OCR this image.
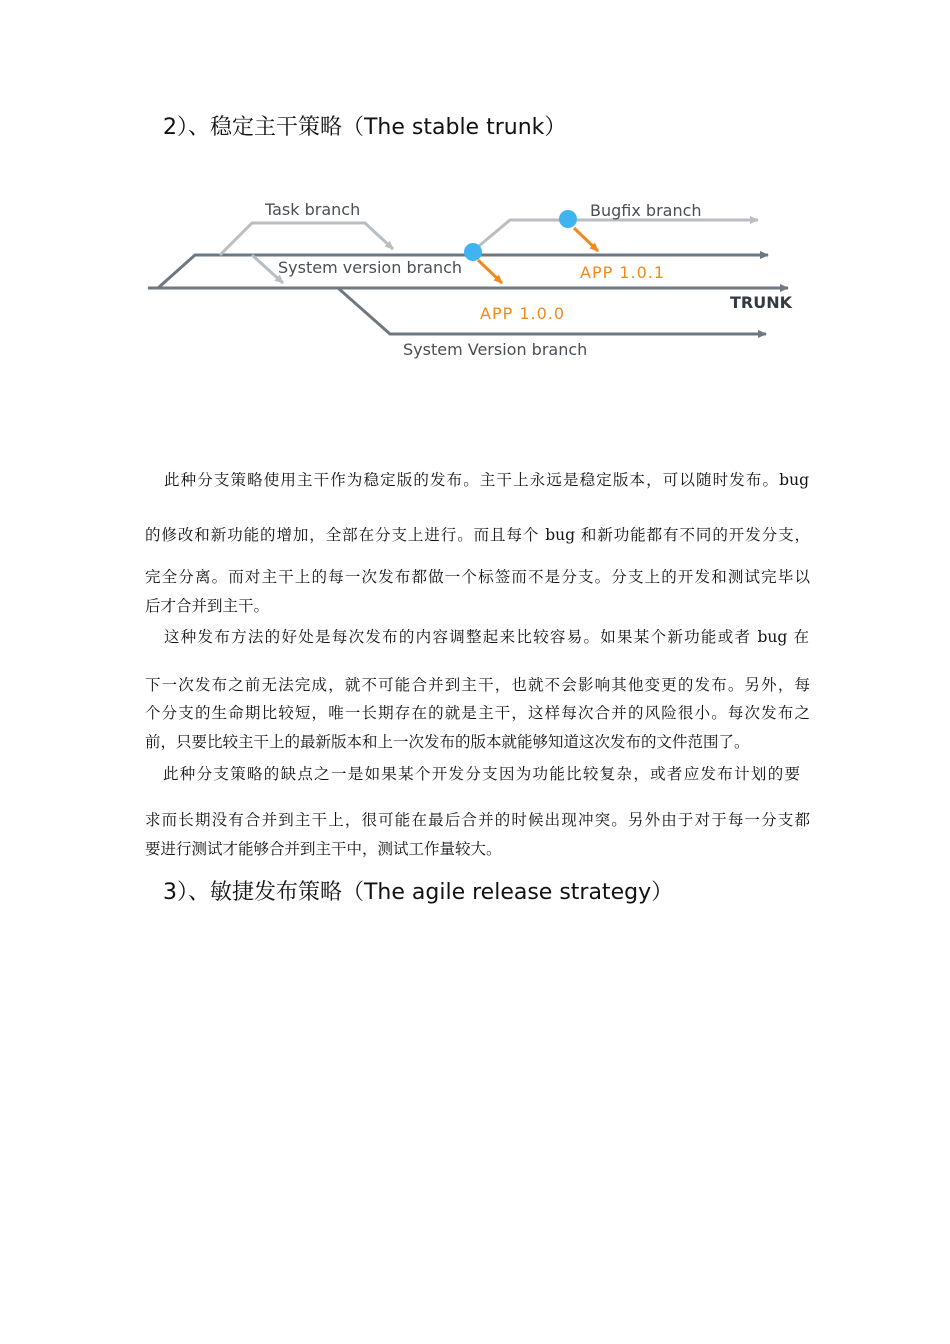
2）、稳定主干策略（The stable trunk）
Task branch	Bugfix branch
System version branch	APP 1.0.1
TRUNK
APP 1.0.0
System Version branch
此种分支策略使用主干作为稳定版的发布。主干上永远是稳定版本，可以随时发布。bug
的修改和新功能的增加，全部在分支上进行。而且每个 bug 和新功能都有不同的开发分支，
完全分离。而对主干上的每一次发布都做一个标签而不是分支。分支上的开发和测试完毕以
后才合并到主干。
这种发布方法的好处是每次发布的内容调整起来比较容易。如果某个新功能或者 bug 在
下一次发布之前无法完成，就不可能合并到主干，也就不会影响其他变更的发布。另外，每
个分支的生命期比较短，唯一长期存在的就是主干，这样每次合并的风险很小。每次发布之
前，只要比较主干上的最新版本和上一次发布的版本就能够知道这次发布的文件范围了。
此种分支策略的缺点之一是如果某个开发分支因为功能比较复杂，或者应发布计划的要
求而长期没有合并到主干上，很可能在最后合并的时候出现冲突。另外由于对于每一分支都
要进行测试才能够合并到主干中，测试工作量较大。
3）、敏捷发布策略（The agile release strategy）
